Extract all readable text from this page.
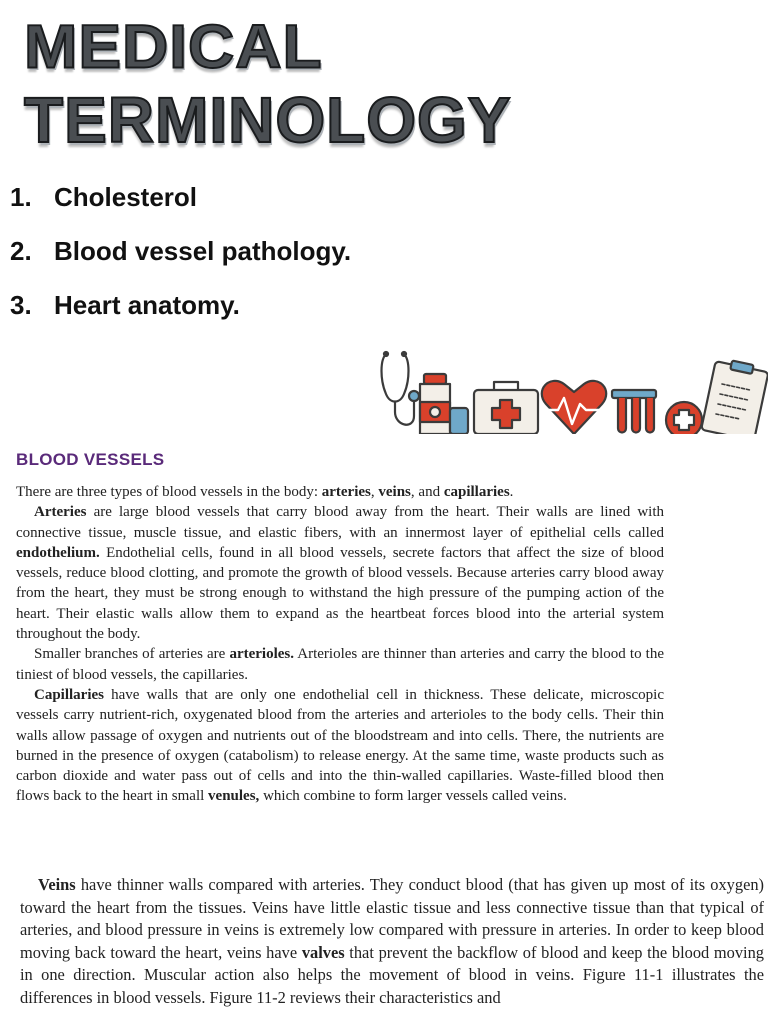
MEDICAL
TERMINOLOGY
1. Cholesterol
2. Blood vessel pathology.
3. Heart anatomy.
BLOOD VESSELS

There are three types of blood vessels in the body: arteries, veins, and capillaries.

Arteries are large blood vessels that carry blood away from the heart. Their walls are lined with connective tissue, muscle tissue, and elastic fibers, with an innermost layer of epithelial cells called endothelium. Endothelial cells, found in all blood vessels, secrete factors that affect the size of blood vessels, reduce blood clotting, and promote the growth of blood vessels. Because arteries carry blood away from the heart, they must be strong enough to withstand the high pressure of the pumping action of the heart. Their elastic walls allow them to expand as the heartbeat forces blood into the arterial system throughout the body.

Smaller branches of arteries are arterioles. Arterioles are thinner than arteries and carry the blood to the tiniest of blood vessels, the capillaries.

Capillaries have walls that are only one endothelial cell in thickness. These delicate, microscopic vessels carry nutrient-rich, oxygenated blood from the arteries and arterioles to the body cells. Their thin walls allow passage of oxygen and nutrients out of the bloodstream and into cells. There, the nutrients are burned in the presence of oxygen (catabolism) to release energy. At the same time, waste products such as carbon dioxide and water pass out of cells and into the thin-walled capillaries. Waste-filled blood then flows back to the heart in small venules, which combine to form larger vessels called veins.

Veins have thinner walls compared with arteries. They conduct blood (that has given up most of its oxygen) toward the heart from the tissues. Veins have little elastic tissue and less connective tissue than that typical of arteries, and blood pressure in veins is extremely low compared with pressure in arteries. In order to keep blood moving back toward the heart, veins have valves that prevent the backflow of blood and keep the blood moving in one direction. Muscular action also helps the movement of blood in veins. Figure 11-1 illustrates the differences in blood vessels. Figure 11-2 reviews their characteristics and
